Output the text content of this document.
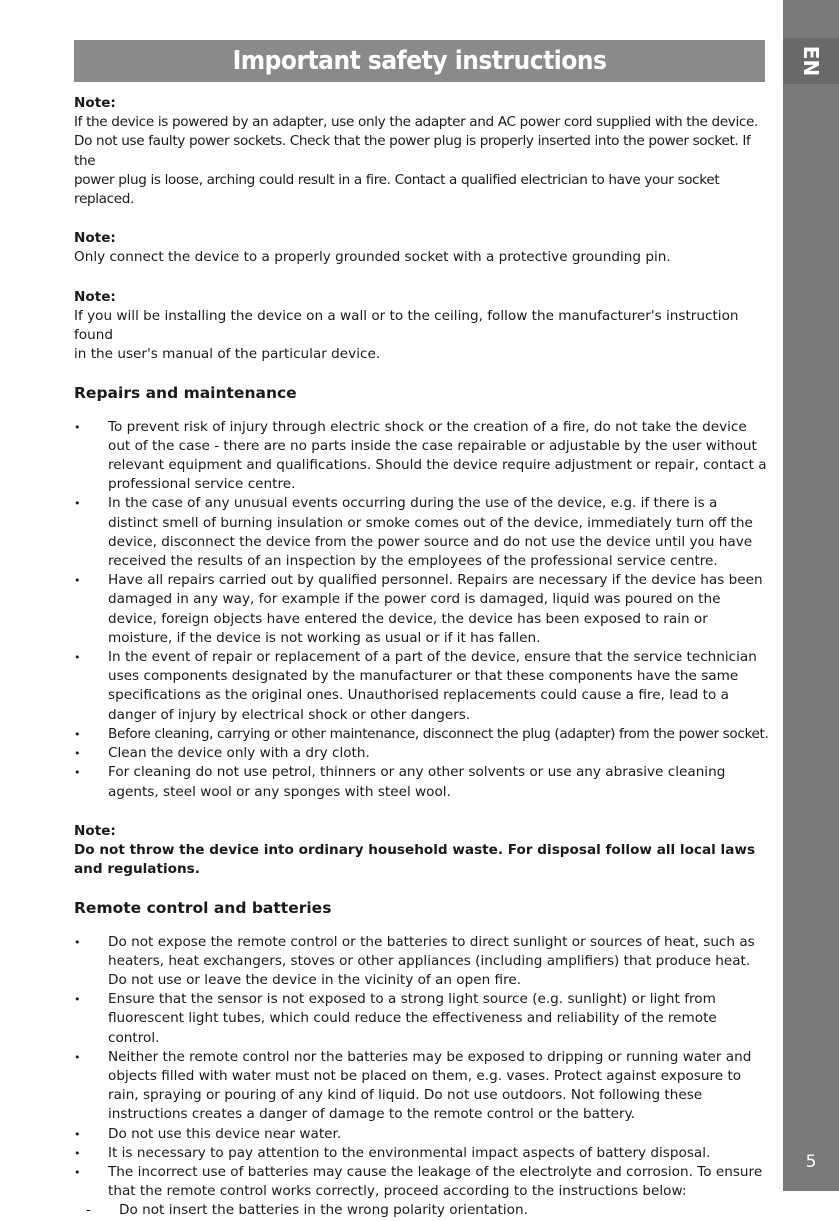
EN
5
Important safety instructions

Note:

If the device is powered by an adapter, use only the adapter and AC power cord supplied with the device.

Do not use faulty power sockets. Check that the power plug is properly inserted into the power socket. If the

power plug is loose, arching could result in a fire. Contact a qualified electrician to have your socket replaced.

Note:

Only connect the device to a properly grounded socket with a protective grounding pin.

Note:

If you will be installing the device on a wall or to the ceiling, follow the manufacturer's instruction found

in the user's manual of the particular device.

Repairs and maintenance
• To prevent risk of injury through electric shock or the creation of a fire, do not take the device out of the case - there are no parts inside the case repairable or adjustable by the user without relevant equipment and qualifications. Should the device require adjustment or repair, contact a professional service centre.
• In the case of any unusual events occurring during the use of the device, e.g. if there is a distinct smell of burning insulation or smoke comes out of the device, immediately turn off the device, disconnect the device from the power source and do not use the device until you have received the results of an inspection by the employees of the professional service centre.
• Have all repairs carried out by qualified personnel. Repairs are necessary if the device has been damaged in any way, for example if the power cord is damaged, liquid was poured on the device, foreign objects have entered the device, the device has been exposed to rain or moisture, if the device is not working as usual or if it has fallen.
• In the event of repair or replacement of a part of the device, ensure that the service technician uses components designated by the manufacturer or that these components have the same specifications as the original ones. Unauthorised replacements could cause a fire, lead to a danger of injury by electrical shock or other dangers.
• Before cleaning, carrying or other maintenance, disconnect the plug (adapter) from the power socket.
• Clean the device only with a dry cloth.
• For cleaning do not use petrol, thinners or any other solvents or use any abrasive cleaning agents, steel wool or any sponges with steel wool.

Note:

Do not throw the device into ordinary household waste. For disposal follow all local laws and regulations.

Remote control and batteries
• Do not expose the remote control or the batteries to direct sunlight or sources of heat, such as heaters, heat exchangers, stoves or other appliances (including amplifiers) that produce heat. Do not use or leave the device in the vicinity of an open fire.
• Ensure that the sensor is not exposed to a strong light source (e.g. sunlight) or light from fluorescent light tubes, which could reduce the effectiveness and reliability of the remote control.
• Neither the remote control nor the batteries may be exposed to dripping or running water and objects filled with water must not be placed on them, e.g. vases. Protect against exposure to rain, spraying or pouring of any kind of liquid. Do not use outdoors. Not following these instructions creates a danger of damage to the remote control or the battery.
• Do not use this device near water.
• It is necessary to pay attention to the environmental impact aspects of battery disposal.
• The incorrect use of batteries may cause the leakage of the electrolyte and corrosion. To ensure that the remote control works correctly, proceed according to the instructions below:
- Do not insert the batteries in the wrong polarity orientation.
